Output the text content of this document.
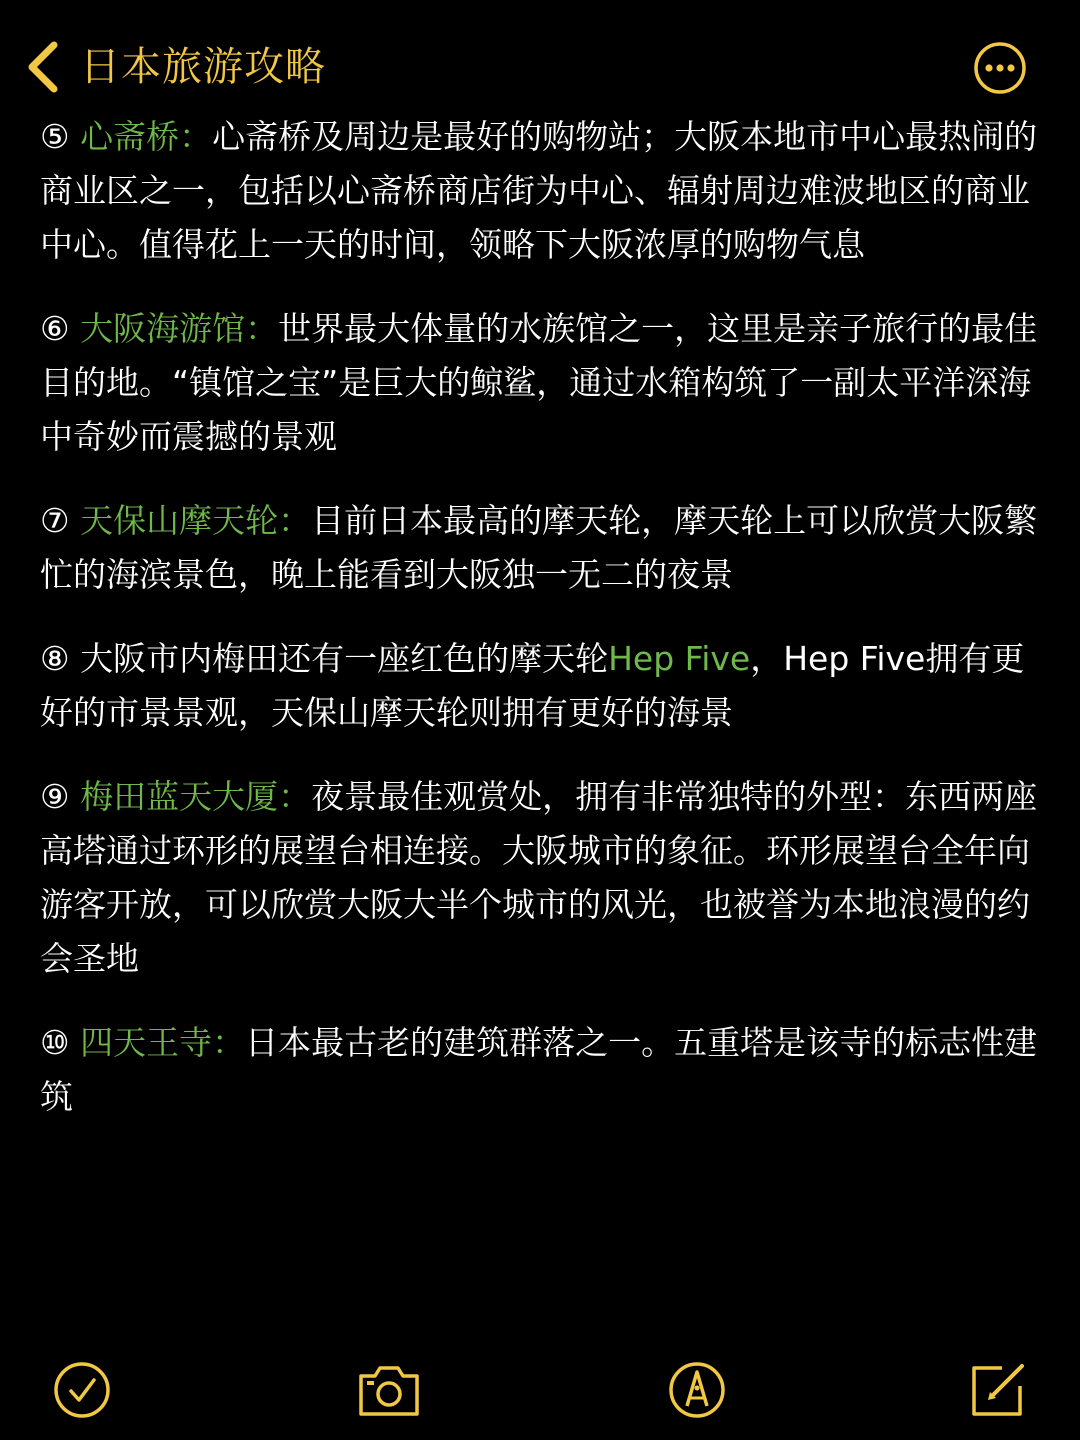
日本旅游攻略

⑤ 心斋桥：心斋桥及周边是最好的购物站；大阪本地市中心最热闹的商业区之一，包括以心斋桥商店街为中心、辐射周边难波地区的商业中心。值得花上一天的时间，领略下大阪浓厚的购物气息

⑥ 大阪海游馆：世界最大体量的水族馆之一，这里是亲子旅行的最佳目的地。“镇馆之宝”是巨大的鲸鲨，通过水箱构筑了一副太平洋深海中奇妙而震撼的景观

⑦ 天保山摩天轮：目前日本最高的摩天轮，摩天轮上可以欣赏大阪繁忙的海滨景色，晚上能看到大阪独一无二的夜景

⑧ 大阪市内梅田还有一座红色的摩天轮Hep Five，Hep Five拥有更好的市景景观，天保山摩天轮则拥有更好的海景

⑨ 梅田蓝天大厦：夜景最佳观赏处，拥有非常独特的外型：东西两座高塔通过环形的展望台相连接。大阪城市的象征。环形展望台全年向游客开放，可以欣赏大阪大半个城市的风光，也被誉为本地浪漫的约会圣地

⑩ 四天王寺：日本最古老的建筑群落之一。五重塔是该寺的标志性建筑
